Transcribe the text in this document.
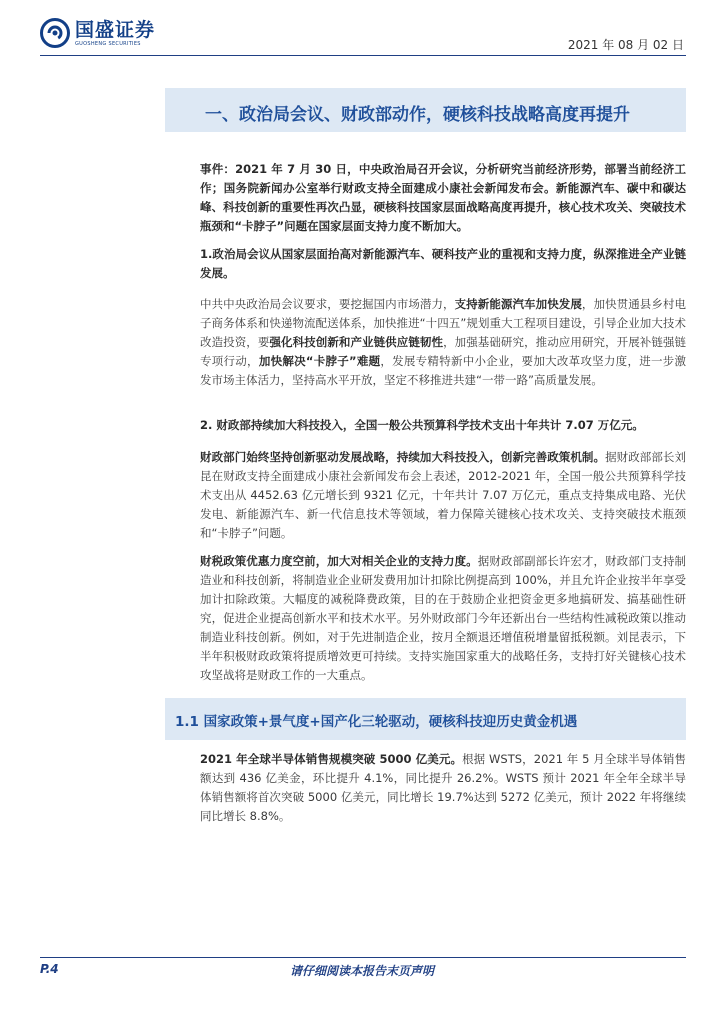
国盛证券
GUOSHENG SECURITIES	2021 年 08 月 02 日
一、政治局会议、财政部动作，硬核科技战略高度再提升
事件：2021 年 7 月 30 日，中央政治局召开会议，分析研究当前经济形势，部署当前经济工作；国务院新闻办公室举行财政支持全面建成小康社会新闻发布会。新能源汽车、碳中和碳达峰、科技创新的重要性再次凸显，硬核科技国家层面战略高度再提升，核心技术攻关、突破技术瓶颈和“卡脖子”问题在国家层面支持力度不断加大。
1.政治局会议从国家层面抬高对新能源汽车、硬科技产业的重视和支持力度，纵深推进全产业链发展。
中共中央政治局会议要求，要挖掘国内市场潜力，支持新能源汽车加快发展，加快贯通县乡村电子商务体系和快递物流配送体系，加快推进“十四五”规划重大工程项目建设，引导企业加大技术改造投资，要强化科技创新和产业链供应链韧性，加强基础研究，推动应用研究，开展补链强链专项行动，加快解决“卡脖子”难题，发展专精特新中小企业，要加大改革攻坚力度，进一步激发市场主体活力，坚持高水平开放，坚定不移推进共建“一带一路”高质量发展。
2. 财政部持续加大科技投入，全国一般公共预算科学技术支出十年共计 7.07 万亿元。
财政部门始终坚持创新驱动发展战略，持续加大科技投入，创新完善政策机制。据财政部部长刘昆在财政支持全面建成小康社会新闻发布会上表述，2012-2021 年，全国一般公共预算科学技术支出从 4452.63 亿元增长到 9321 亿元，十年共计 7.07 万亿元，重点支持集成电路、光伏发电、新能源汽车、新一代信息技术等领域，着力保障关键核心技术攻关、支持突破技术瓶颈和“卡脖子”问题。
财税政策优惠力度空前，加大对相关企业的支持力度。据财政部副部长许宏才，财政部门支持制造业和科技创新，将制造业企业研发费用加计扣除比例提高到 100%，并且允许企业按半年享受加计扣除政策。大幅度的减税降费政策，目的在于鼓励企业把资金更多地搞研发、搞基础性研究，促进企业提高创新水平和技术水平。另外财政部门今年还新出台一些结构性减税政策以推动制造业科技创新。例如，对于先进制造企业，按月全额退还增值税增量留抵税额。刘昆表示，下半年积极财政政策将提质增效更可持续。支持实施国家重大的战略任务，支持打好关键核心技术攻坚战将是财政工作的一大重点。
1.1 国家政策+景气度+国产化三轮驱动，硬核科技迎历史黄金机遇
2021 年全球半导体销售规模突破 5000 亿美元。根据 WSTS，2021 年 5 月全球半导体销售额达到 436 亿美金，环比提升 4.1%，同比提升 26.2%。WSTS 预计 2021 年全年全球半导体销售额将首次突破 5000 亿美元，同比增长 19.7%达到 5272 亿美元，预计 2022 年将继续同比增长 8.8%。
P.4	请仔细阅读本报告末页声明
